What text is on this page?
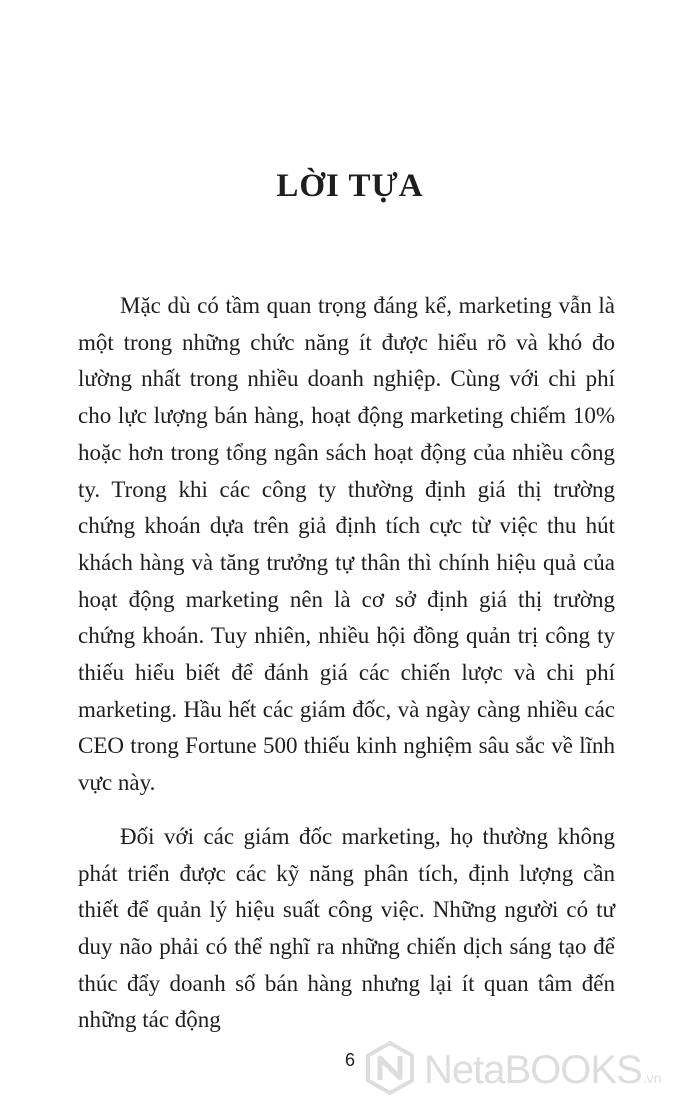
LỜI TỰA

Mặc dù có tầm quan trọng đáng kể, marketing vẫn là một trong những chức năng ít được hiểu rõ và khó đo lường nhất trong nhiều doanh nghiệp. Cùng với chi phí cho lực lượng bán hàng, hoạt động marketing chiếm 10% hoặc hơn trong tổng ngân sách hoạt động của nhiều công ty. Trong khi các công ty thường định giá thị trường chứng khoán dựa trên giả định tích cực từ việc thu hút khách hàng và tăng trưởng tự thân thì chính hiệu quả của hoạt động marketing nên là cơ sở định giá thị trường chứng khoán. Tuy nhiên, nhiều hội đồng quản trị công ty thiếu hiểu biết để đánh giá các chiến lược và chi phí marketing. Hầu hết các giám đốc, và ngày càng nhiều các CEO trong Fortune 500 thiếu kinh nghiệm sâu sắc về lĩnh vực này.

Đối với các giám đốc marketing, họ thường không phát triển được các kỹ năng phân tích, định lượng cần thiết để quản lý hiệu suất công việc. Những người có tư duy não phải có thể nghĩ ra những chiến dịch sáng tạo để thúc đẩy doanh số bán hàng nhưng lại ít quan tâm đến những tác động

6	NetaBOOKS .vn
